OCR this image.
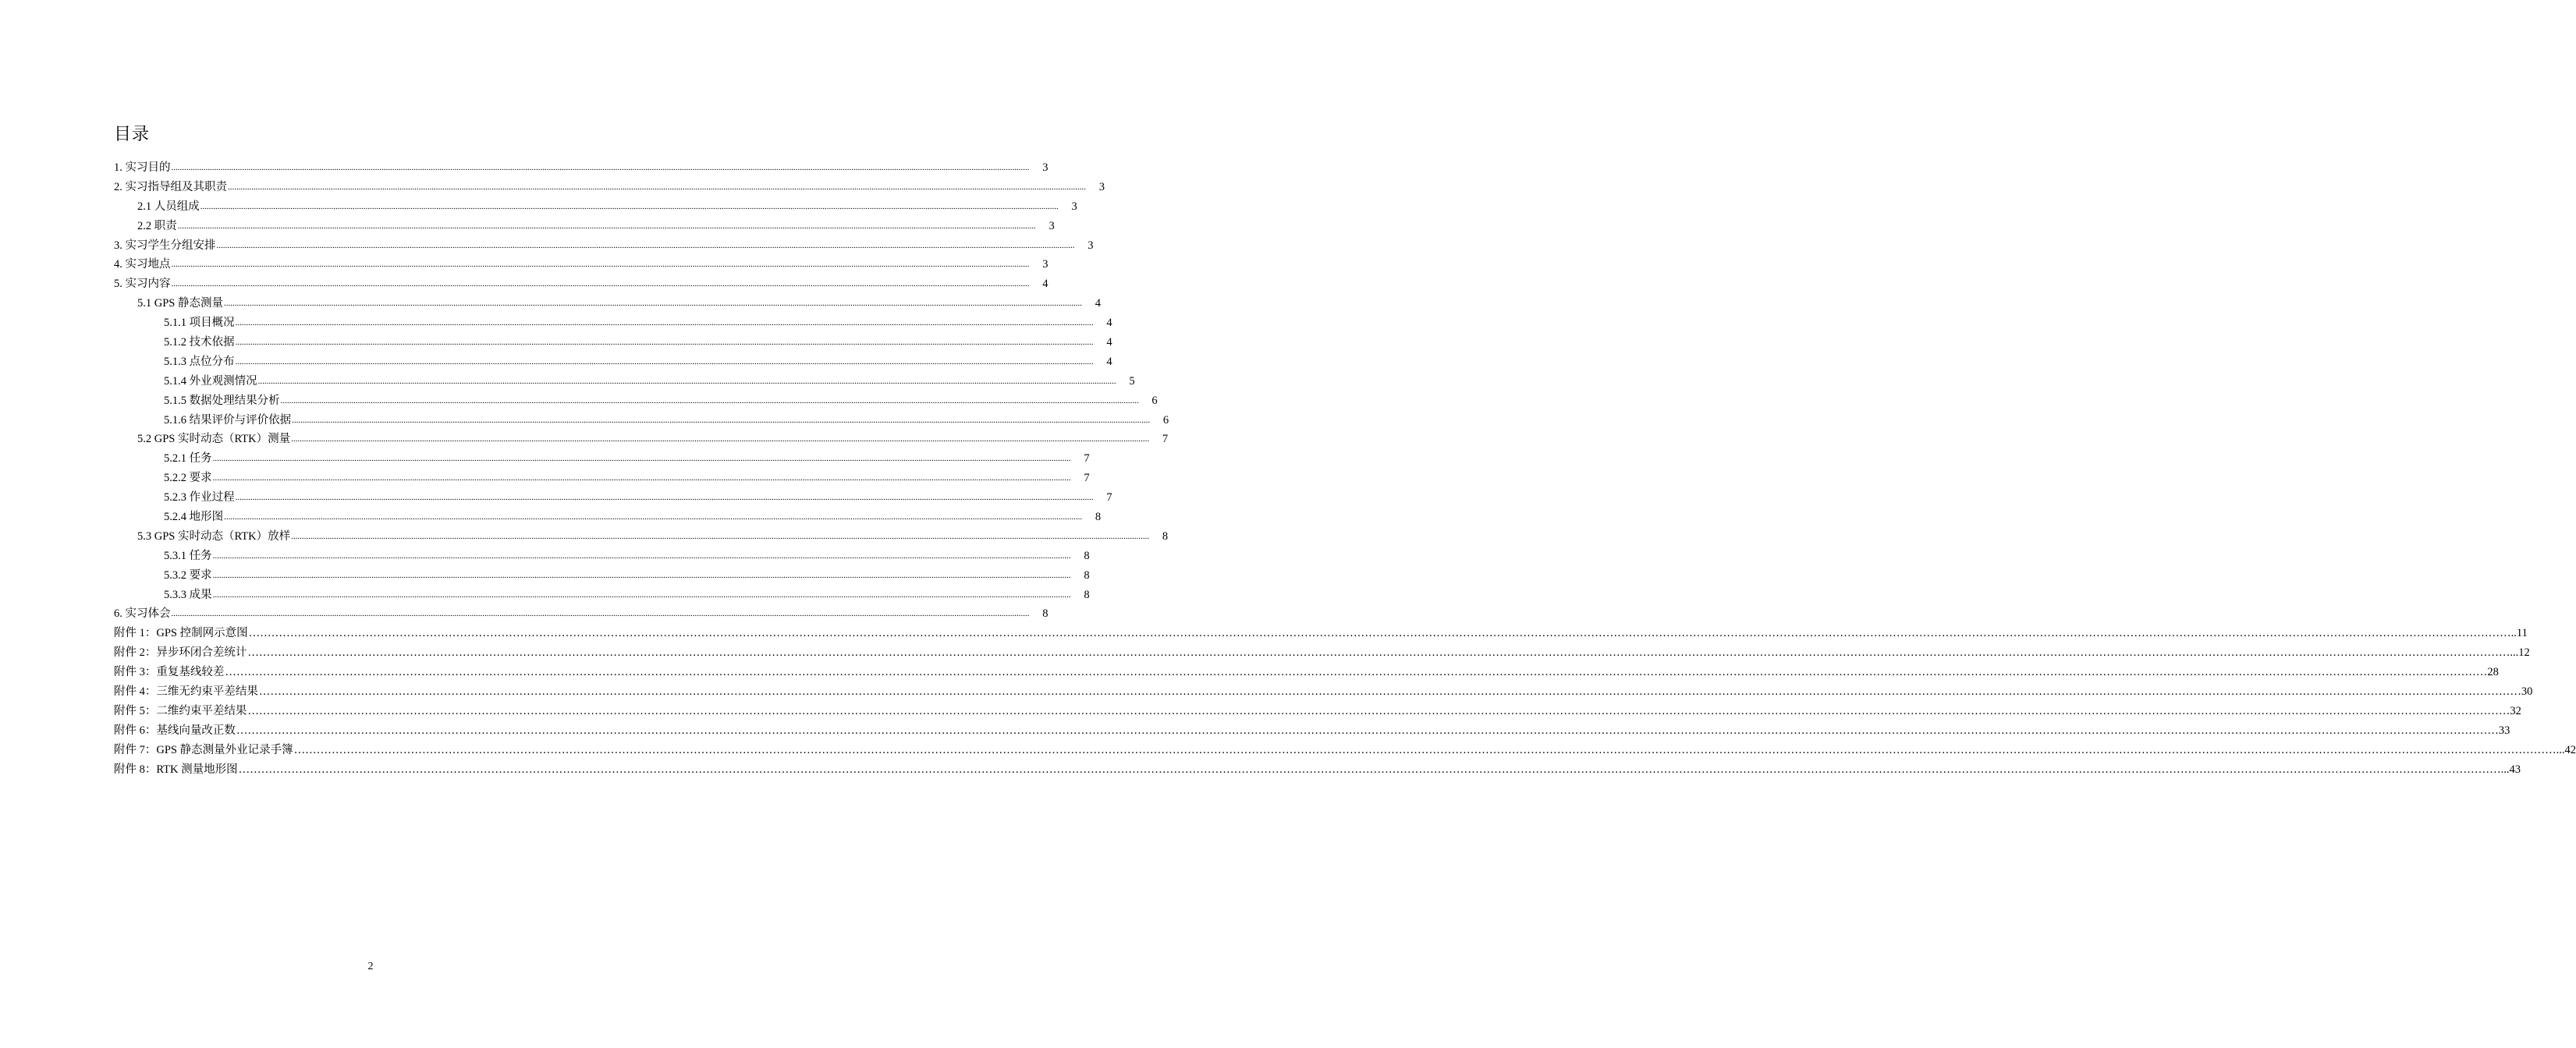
目录
1. 实习目的 ................................................................................................................................................................................................................................................................................................................................................................................................................	3
2. 实习指导组及其职责 ................................................................................................................................................................................................................................................................................................................................................................................................................	3
2.1 人员组成 ................................................................................................................................................................................................................................................................................................................................................................................................................	3
2.2 职责 ................................................................................................................................................................................................................................................................................................................................................................................................................	3
3. 实习学生分组安排 ................................................................................................................................................................................................................................................................................................................................................................................................................	3
4. 实习地点 ................................................................................................................................................................................................................................................................................................................................................................................................................	3
5. 实习内容 ................................................................................................................................................................................................................................................................................................................................................................................................................	4
5.1 GPS 静态测量 ................................................................................................................................................................................................................................................................................................................................................................................................................	4
5.1.1 项目概况 ................................................................................................................................................................................................................................................................................................................................................................................................................	4
5.1.2 技术依据 ................................................................................................................................................................................................................................................................................................................................................................................................................	4
5.1.3 点位分布 ................................................................................................................................................................................................................................................................................................................................................................................................................	4
5.1.4 外业观测情况 ................................................................................................................................................................................................................................................................................................................................................................................................................	5
5.1.5 数据处理结果分析 ................................................................................................................................................................................................................................................................................................................................................................................................................	6
5.1.6 结果评价与评价依据 ................................................................................................................................................................................................................................................................................................................................................................................................................	6
5.2 GPS 实时动态（RTK）测量 ................................................................................................................................................................................................................................................................................................................................................................................................................	7
5.2.1 任务 ................................................................................................................................................................................................................................................................................................................................................................................................................	7
5.2.2 要求 ................................................................................................................................................................................................................................................................................................................................................................................................................	7
5.2.3 作业过程 ................................................................................................................................................................................................................................................................................................................................................................................................................	7
5.2.4 地形图 ................................................................................................................................................................................................................................................................................................................................................................................................................	8
5.3 GPS 实时动态（RTK）放样 ................................................................................................................................................................................................................................................................................................................................................................................................................	8
5.3.1 任务 ................................................................................................................................................................................................................................................................................................................................................................................................................	8
5.3.2 要求 ................................................................................................................................................................................................................................................................................................................................................................................................................	8
5.3.3 成果 ................................................................................................................................................................................................................................................................................................................................................................................................................	8
6. 实习体会 ................................................................................................................................................................................................................................................................................................................................................................................................................	8
附件 1：GPS 控制网示意图 …………………………………………………………………………………………………………………………………………………………………………………………………………………………………………………………………………………………………………………………………………………………………………………………………………………………………………………………………………………………………………………………………………………… ..11
附件 2：异步环闭合差统计 …………………………………………………………………………………………………………………………………………………………………………………………………………………………………………………………………………………………………………………………………………………………………………………………………………………………………………………………………………………………………………………………………………………… ...12
附件 3：重复基线较差 …………………………………………………………………………………………………………………………………………………………………………………………………………………………………………………………………………………………………………………………………………………………………………………………………………………………………………………………………………………………………………………………………………………… 28
附件 4：三维无约束平差结果 …………………………………………………………………………………………………………………………………………………………………………………………………………………………………………………………………………………………………………………………………………………………………………………………………………………………………………………………………………………………………………………………………………………… 30
附件 5：二维约束平差结果 …………………………………………………………………………………………………………………………………………………………………………………………………………………………………………………………………………………………………………………………………………………………………………………………………………………………………………………………………………………………………………………………………………………… 32
附件 6：基线向量改正数 …………………………………………………………………………………………………………………………………………………………………………………………………………………………………………………………………………………………………………………………………………………………………………………………………………………………………………………………………………………………………………………………………………………… 33
附件 7：GPS 静态测量外业记录手簿 …………………………………………………………………………………………………………………………………………………………………………………………………………………………………………………………………………………………………………………………………………………………………………………………………………………………………………………………………………………………………………………………………………………… ...42
附件 8：RTK 测量地形图 …………………………………………………………………………………………………………………………………………………………………………………………………………………………………………………………………………………………………………………………………………………………………………………………………………………………………………………………………………………………………………………………………………………… ...43
2
